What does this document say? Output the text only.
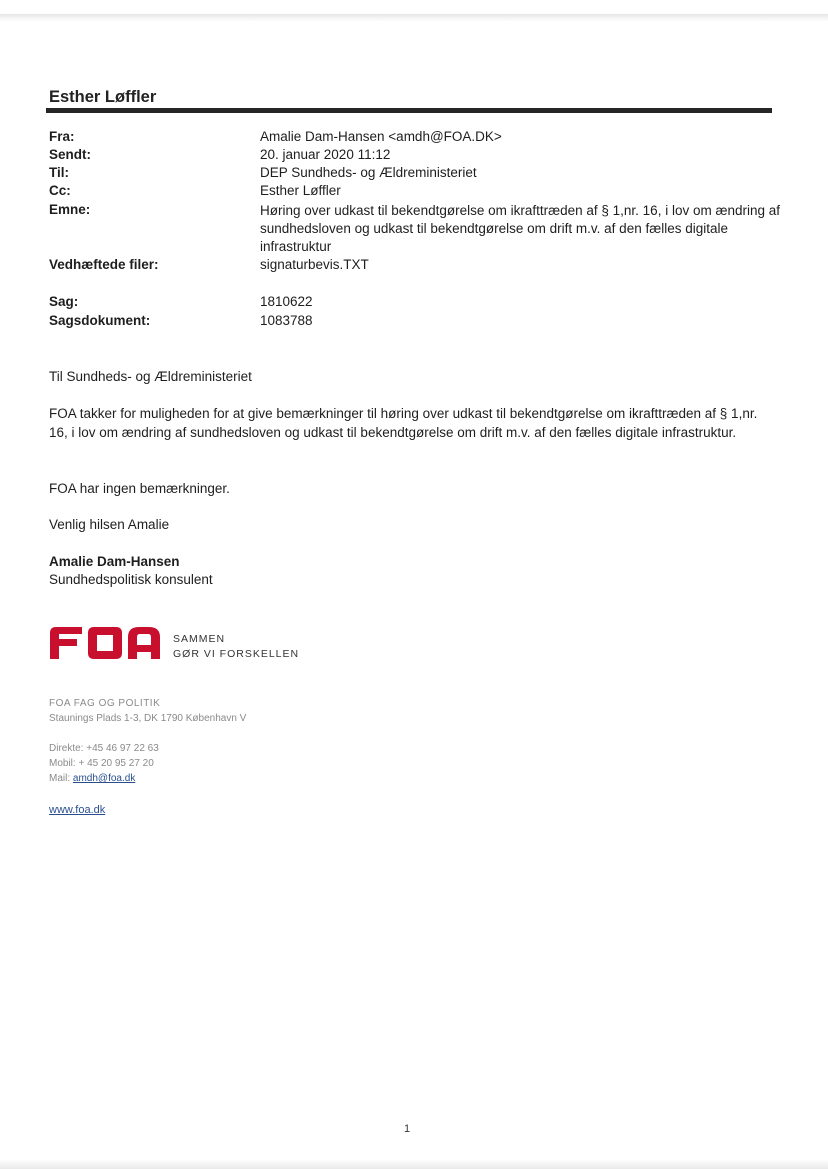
Esther Løffler
Fra:	Amalie Dam-Hansen <amdh@FOA.DK>
Sendt:	20. januar 2020 11:12
Til:	DEP Sundheds- og Ældreministeriet
Cc:	Esther Løffler
Emne:	Høring over udkast til bekendtgørelse om ikrafttræden af § 1,nr. 16, i lov om ændring af sundhedsloven og udkast til bekendtgørelse om drift m.v. af den fælles digitale infrastruktur
Vedhæftede filer:	signaturbevis.TXT
Sag:	1810622
Sagsdokument:	1083788
Til Sundheds- og Ældreministeriet
FOA takker for muligheden for at give bemærkninger til høring over udkast til bekendtgørelse om ikrafttræden af § 1,nr. 16, i lov om ændring af sundhedsloven og udkast til bekendtgørelse om drift m.v. af den fælles digitale infrastruktur.
FOA har ingen bemærkninger.
Venlig hilsen Amalie
Amalie Dam-Hansen
Sundhedspolitisk konsulent
FOA
SAMMEN
GØR VI FORSKELLEN
FOA FAG OG POLITIK
Staunings Plads 1-3, DK 1790 København V
Direkte: +45 46 97 22 63
Mobil: + 45 20 95 27 20
Mail: amdh@foa.dk
www.foa.dk
1
